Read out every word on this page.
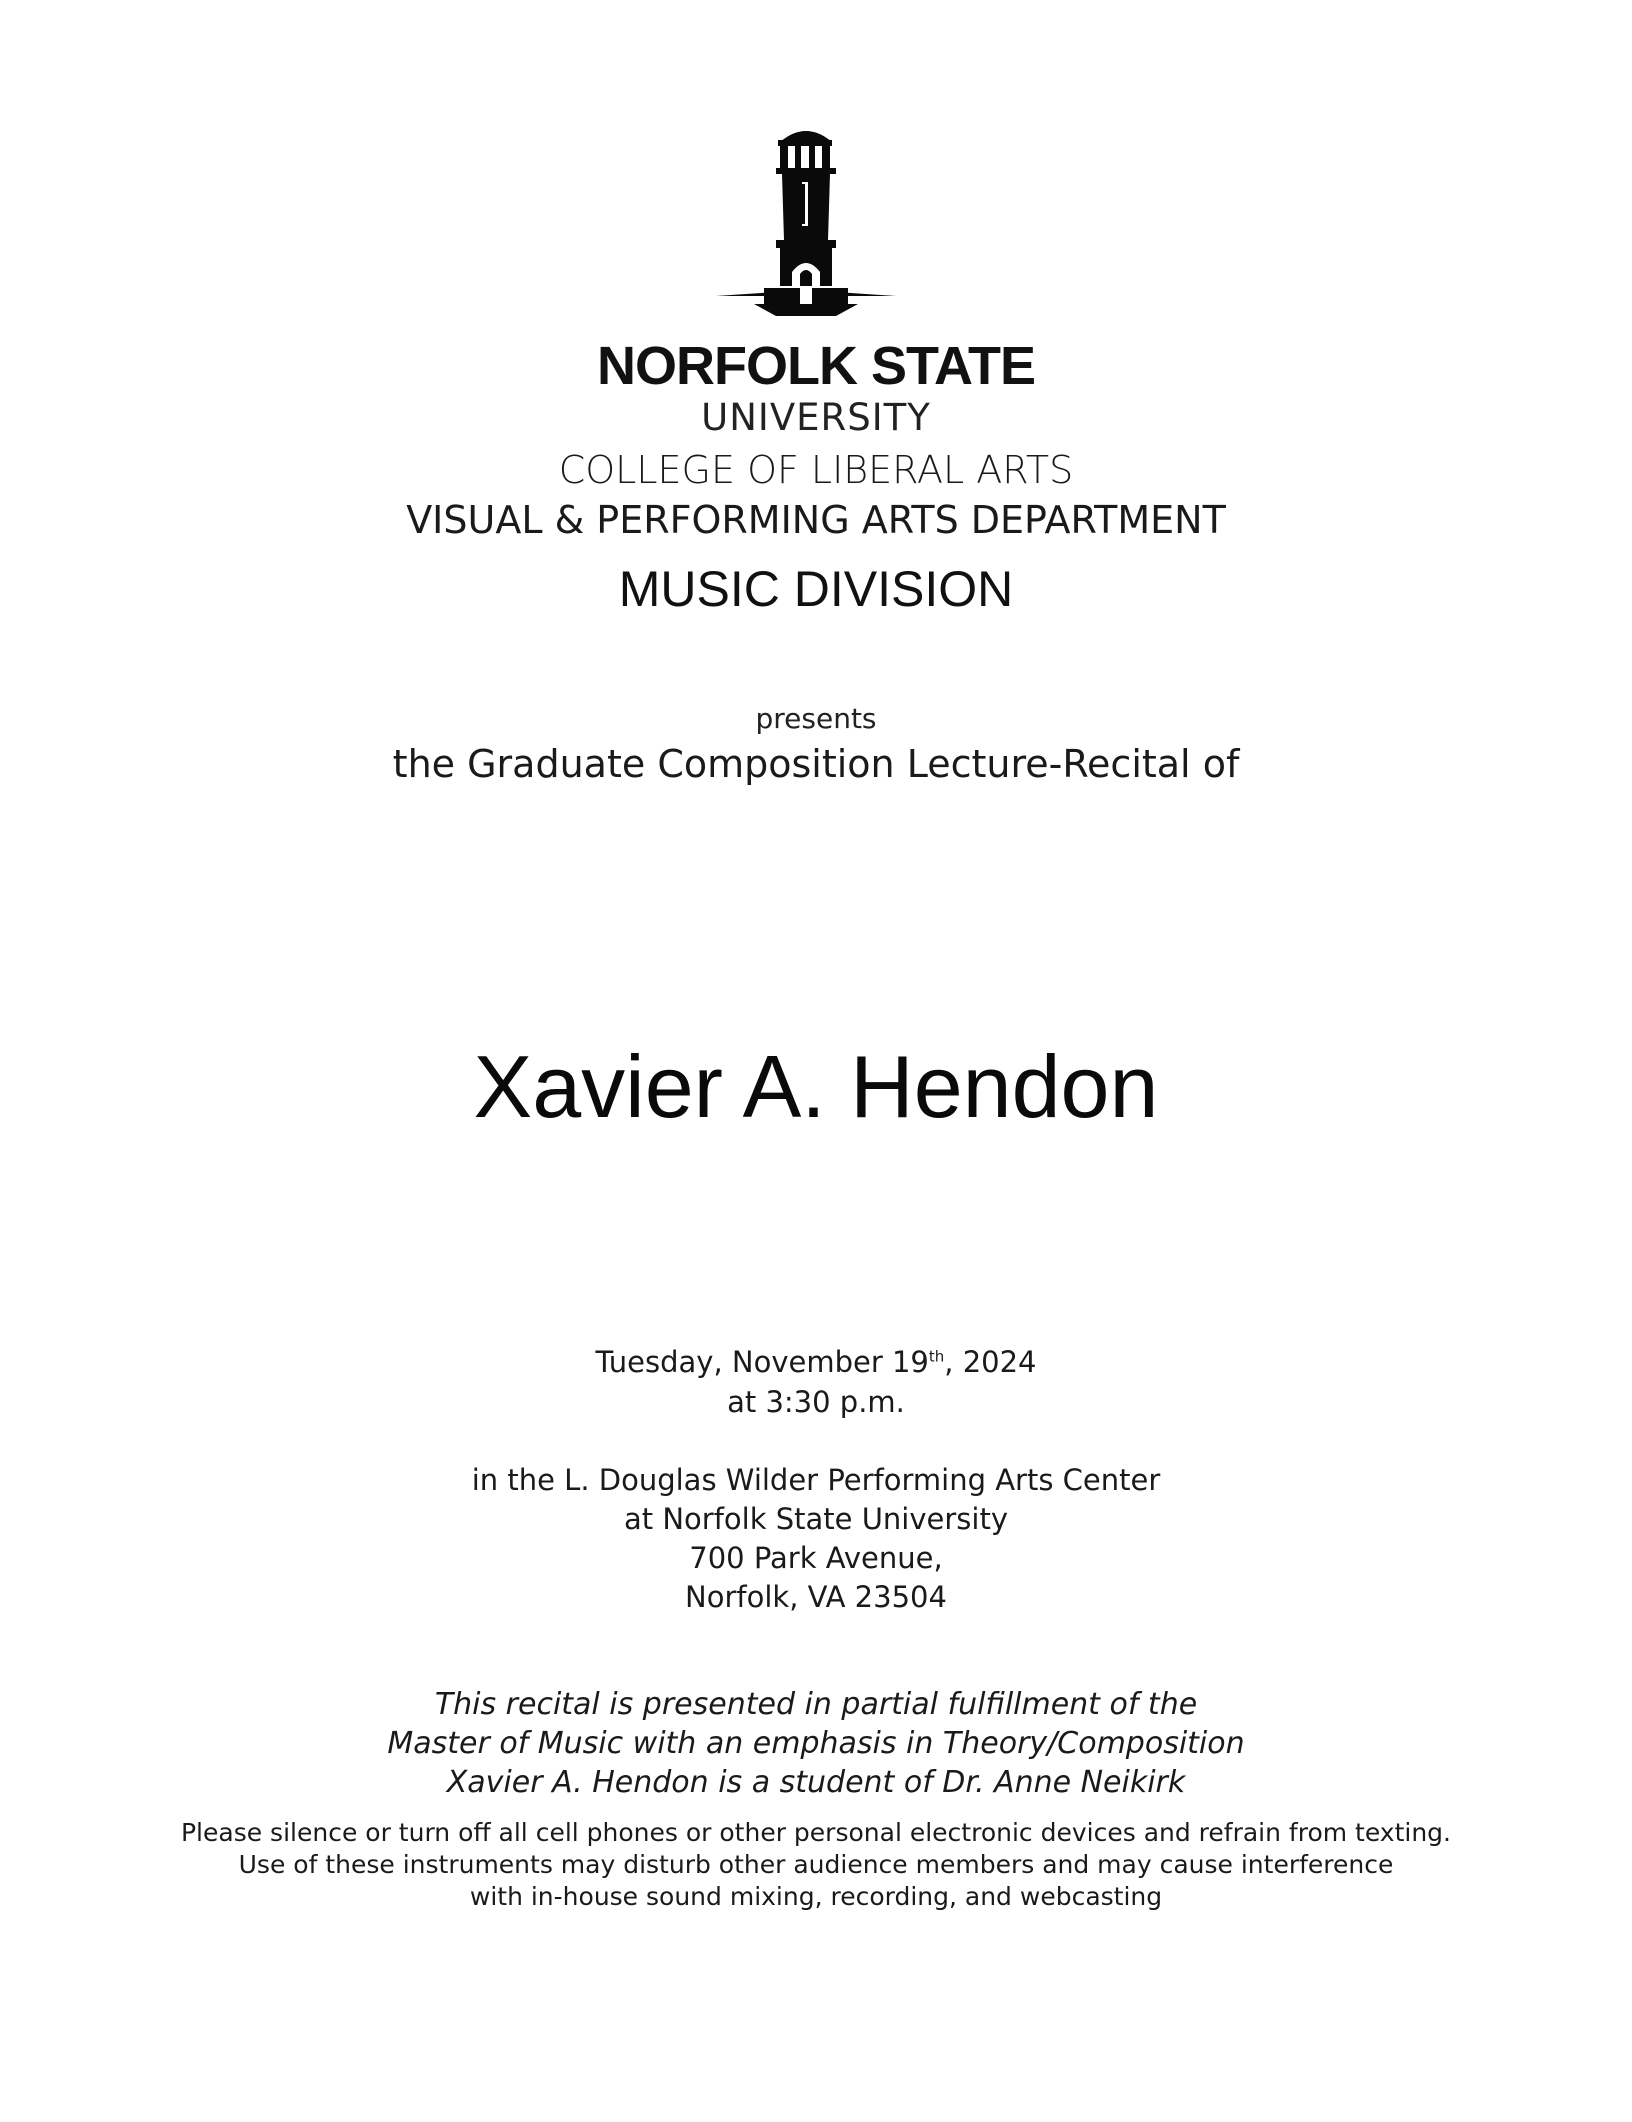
NORFOLK STATE
UNIVERSITY
COLLEGE OF LIBERAL ARTS
VISUAL & PERFORMING ARTS DEPARTMENT
MUSIC DIVISION
presents
the Graduate Composition Lecture-Recital of
Xavier A. Hendon
Tuesday, November 19th, 2024
at 3:30 p.m.
in the L. Douglas Wilder Performing Arts Center
at Norfolk State University
700 Park Avenue,
Norfolk, VA 23504
This recital is presented in partial fulfillment of the
Master of Music with an emphasis in Theory/Composition
Xavier A. Hendon is a student of Dr. Anne Neikirk
Please silence or turn off all cell phones or other personal electronic devices and refrain from texting.
Use of these instruments may disturb other audience members and may cause interference
with in-house sound mixing, recording, and webcasting
